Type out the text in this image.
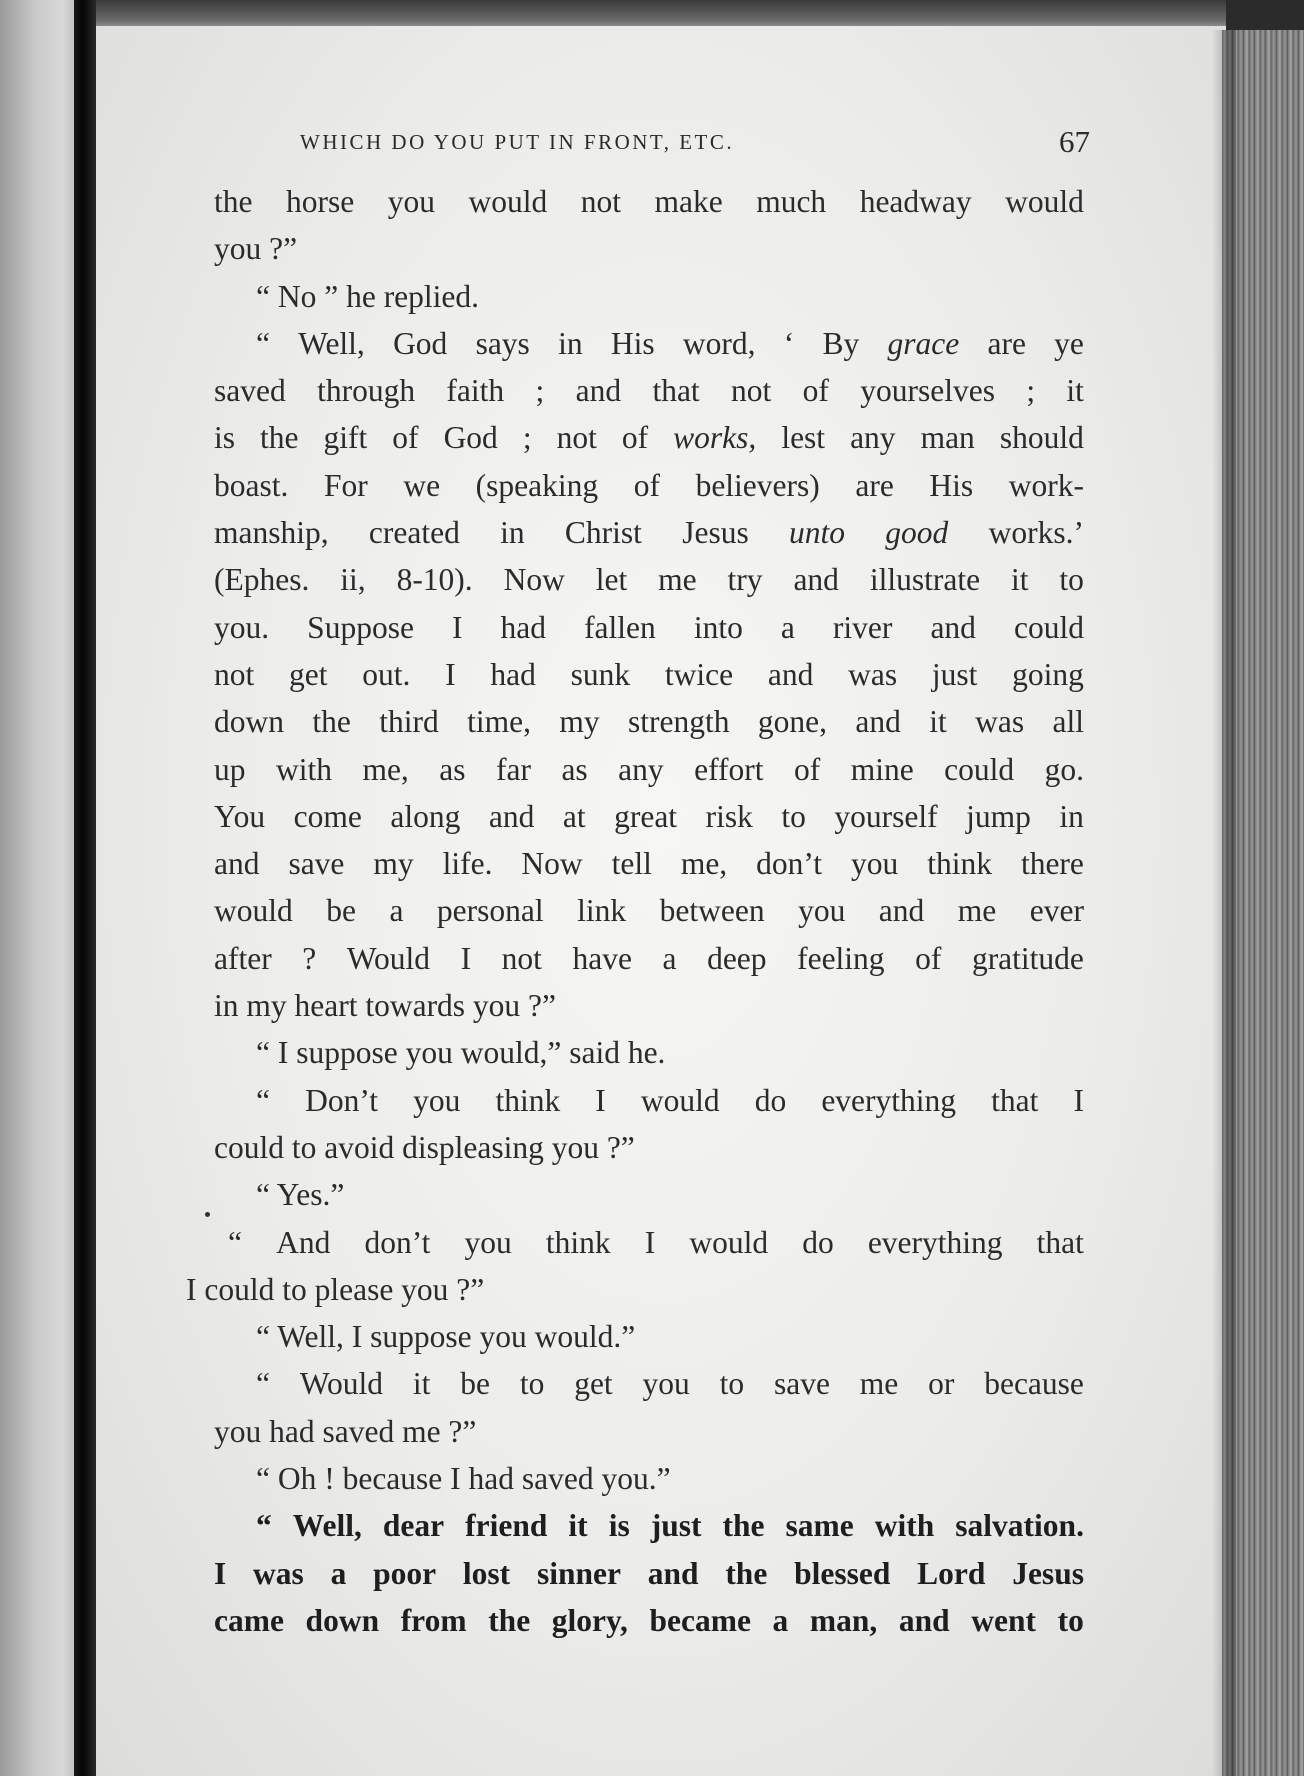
WHICH DO YOU PUT IN FRONT, ETC.	67
the horse you would not make much headway would
you ?”
“ No ” he replied.
“ Well, God says in His word, ‘ By grace are ye
saved through faith ; and that not of yourselves ; it
is the gift of God ; not of works, lest any man should
boast. For we (speaking of believers) are His work-
manship, created in Christ Jesus unto good works.’
(Ephes. ii, 8-10). Now let me try and illustrate it to
you. Suppose I had fallen into a river and could
not get out. I had sunk twice and was just going
down the third time, my strength gone, and it was all
up with me, as far as any effort of mine could go.
You come along and at great risk to yourself jump in
and save my life. Now tell me, don’t you think there
would be a personal link between you and me ever
after ? Would I not have a deep feeling of gratitude
in my heart towards you ?”
“ I suppose you would,” said he.
“ Don’t you think I would do everything that I
could to avoid displeasing you ?”
“ Yes.”
“ And don’t you think I would do everything that
I could to please you ?”
“ Well, I suppose you would.”
“ Would it be to get you to save me or because
you had saved me ?”
“ Oh ! because I had saved you.”
“ Well, dear friend it is just the same with salvation.
I was a poor lost sinner and the blessed Lord Jesus
came down from the glory, became a man, and went to
